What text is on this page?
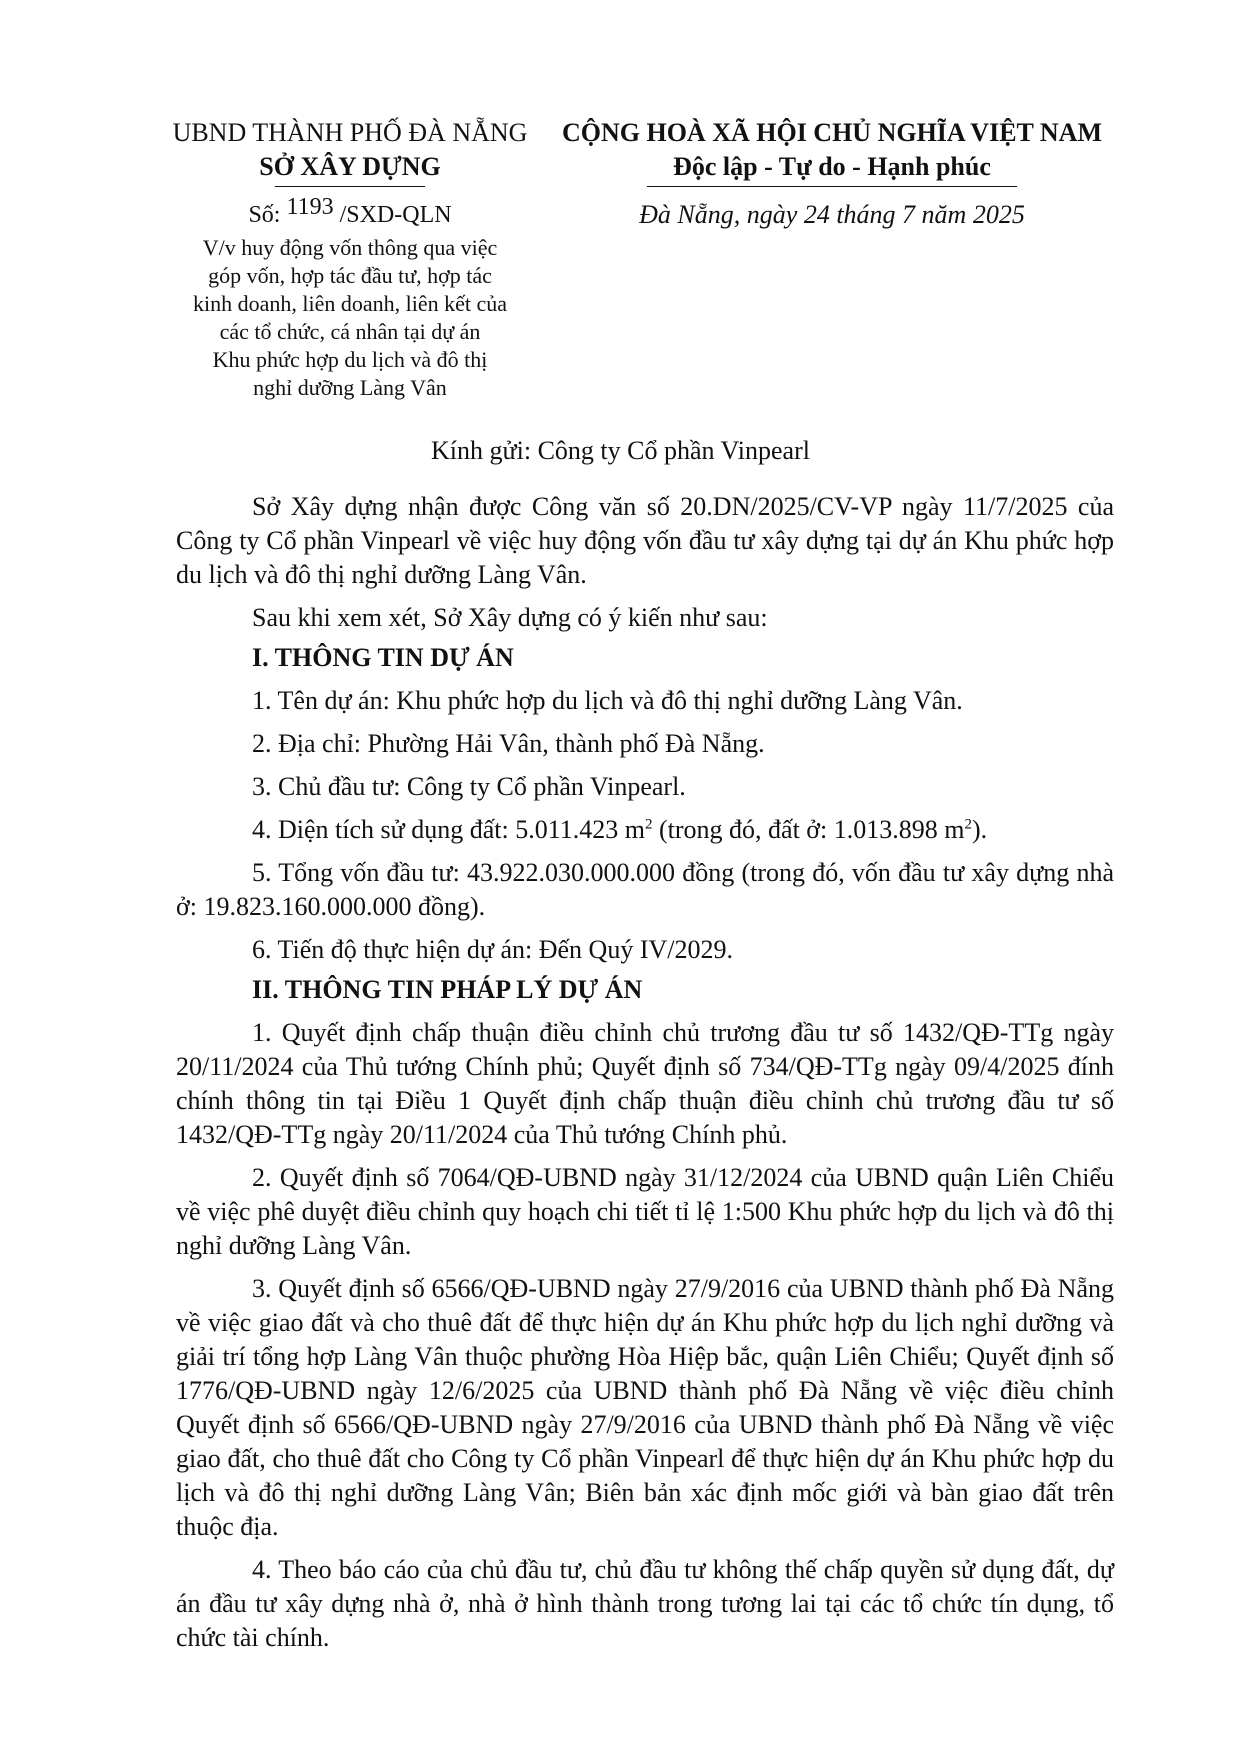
UBND THÀNH PHỐ ĐÀ NẴNG
SỞ XÂY DỰNG
CỘNG HOÀ XÃ HỘI CHỦ NGHĨA VIỆT NAM
Độc lập - Tự do - Hạnh phúc
Số: 1193 /SXD-QLN	Đà Nẵng, ngày 24 tháng 7 năm 2025
V/v huy động vốn thông qua việc
góp vốn, hợp tác đầu tư, hợp tác
kinh doanh, liên doanh, liên kết của
các tổ chức, cá nhân tại dự án
Khu phức hợp du lịch và đô thị
nghỉ dưỡng Làng Vân
Kính gửi: Công ty Cổ phần Vinpearl

Sở Xây dựng nhận được Công văn số 20.DN/2025/CV-VP ngày 11/7/2025 của Công ty Cổ phần Vinpearl về việc huy động vốn đầu tư xây dựng tại dự án Khu phức hợp du lịch và đô thị nghỉ dưỡng Làng Vân.

Sau khi xem xét, Sở Xây dựng có ý kiến như sau:

I. THÔNG TIN DỰ ÁN

1. Tên dự án: Khu phức hợp du lịch và đô thị nghỉ dưỡng Làng Vân.

2. Địa chỉ: Phường Hải Vân, thành phố Đà Nẵng.

3. Chủ đầu tư: Công ty Cổ phần Vinpearl.

4. Diện tích sử dụng đất: 5.011.423 $m^2$ (trong đó, đất ở: 1.013.898 $m^2$).

5. Tổng vốn đầu tư: 43.922.030.000.000 đồng (trong đó, vốn đầu tư xây dựng nhà ở: 19.823.160.000.000 đồng).

6. Tiến độ thực hiện dự án: Đến Quý IV/2029.

II. THÔNG TIN PHÁP LÝ DỰ ÁN

1. Quyết định chấp thuận điều chỉnh chủ trương đầu tư số 1432/QĐ-TTg ngày 20/11/2024 của Thủ tướng Chính phủ; Quyết định số 734/QĐ-TTg ngày 09/4/2025 đính chính thông tin tại Điều 1 Quyết định chấp thuận điều chỉnh chủ trương đầu tư số 1432/QĐ-TTg ngày 20/11/2024 của Thủ tướng Chính phủ.

2. Quyết định số 7064/QĐ-UBND ngày 31/12/2024 của UBND quận Liên Chiểu về việc phê duyệt điều chỉnh quy hoạch chi tiết tỉ lệ 1:500 Khu phức hợp du lịch và đô thị nghỉ dưỡng Làng Vân.

3. Quyết định số 6566/QĐ-UBND ngày 27/9/2016 của UBND thành phố Đà Nẵng về việc giao đất và cho thuê đất để thực hiện dự án Khu phức hợp du lịch nghỉ dưỡng và giải trí tổng hợp Làng Vân thuộc phường Hòa Hiệp bắc, quận Liên Chiểu; Quyết định số 1776/QĐ-UBND ngày 12/6/2025 của UBND thành phố Đà Nẵng về việc điều chỉnh Quyết định số 6566/QĐ-UBND ngày 27/9/2016 của UBND thành phố Đà Nẵng về việc giao đất, cho thuê đất cho Công ty Cổ phần Vinpearl để thực hiện dự án Khu phức hợp du lịch và đô thị nghỉ dưỡng Làng Vân; Biên bản xác định mốc giới và bàn giao đất trên thuộc địa.

4. Theo báo cáo của chủ đầu tư, chủ đầu tư không thế chấp quyền sử dụng đất, dự án đầu tư xây dựng nhà ở, nhà ở hình thành trong tương lai tại các tổ chức tín dụng, tổ chức tài chính.
